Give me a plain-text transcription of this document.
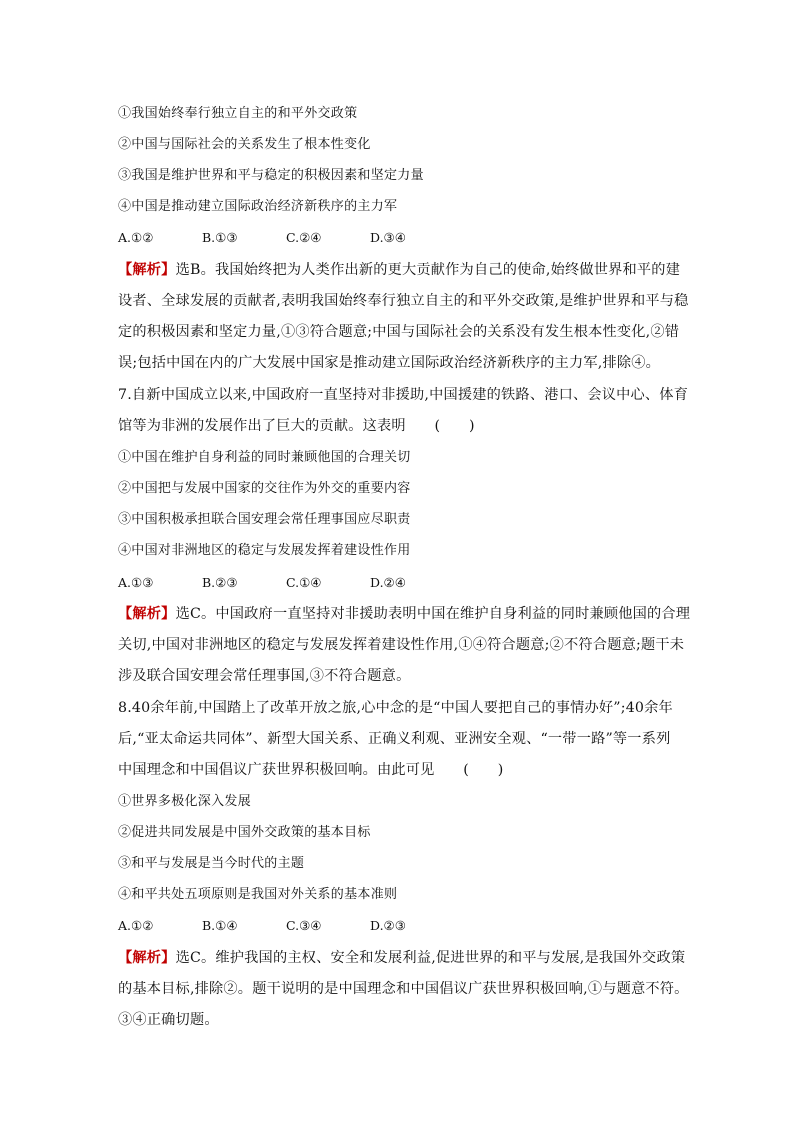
①我国始终奉行独立自主的和平外交政策
②中国与国际社会的关系发生了根本性变化
③我国是维护世界和平与稳定的积极因素和坚定力量
④中国是推动建立国际政治经济新秩序的主力军
A.①②	B.①③	C.②④	D.③④
【解析】选B。我国始终把为人类作出新的更大贡献作为自己的使命,始终做世界和平的建
设者、全球发展的贡献者,表明我国始终奉行独立自主的和平外交政策,是维护世界和平与稳
定的积极因素和坚定力量,①③符合题意;中国与国际社会的关系没有发生根本性变化,②错
误;包括中国在内的广大发展中国家是推动建立国际政治经济新秩序的主力军,排除④。
7.自新中国成立以来,中国政府一直坚持对非援助,中国援建的铁路、港口、会议中心、体育
馆等为非洲的发展作出了巨大的贡献。这表明　　(　　)
①中国在维护自身利益的同时兼顾他国的合理关切
②中国把与发展中国家的交往作为外交的重要内容
③中国积极承担联合国安理会常任理事国应尽职责
④中国对非洲地区的稳定与发展发挥着建设性作用
A.①③	B.②③	C.①④	D.②④
【解析】选C。中国政府一直坚持对非援助表明中国在维护自身利益的同时兼顾他国的合理
关切,中国对非洲地区的稳定与发展发挥着建设性作用,①④符合题意;②不符合题意;题干未
涉及联合国安理会常任理事国,③不符合题意。
8.40余年前,中国踏上了改革开放之旅,心中念的是“中国人要把自己的事情办好”;40余年
后,“亚太命运共同体”、新型大国关系、正确义利观、亚洲安全观、“一带一路”等一系列
中国理念和中国倡议广获世界积极回响。由此可见　　(　　)
①世界多极化深入发展
②促进共同发展是中国外交政策的基本目标
③和平与发展是当今时代的主题
④和平共处五项原则是我国对外关系的基本准则
A.①②	B.①④	C.③④	D.②③
【解析】选C。维护我国的主权、安全和发展利益,促进世界的和平与发展,是我国外交政策
的基本目标,排除②。题干说明的是中国理念和中国倡议广获世界积极回响,①与题意不符。
③④正确切题。
